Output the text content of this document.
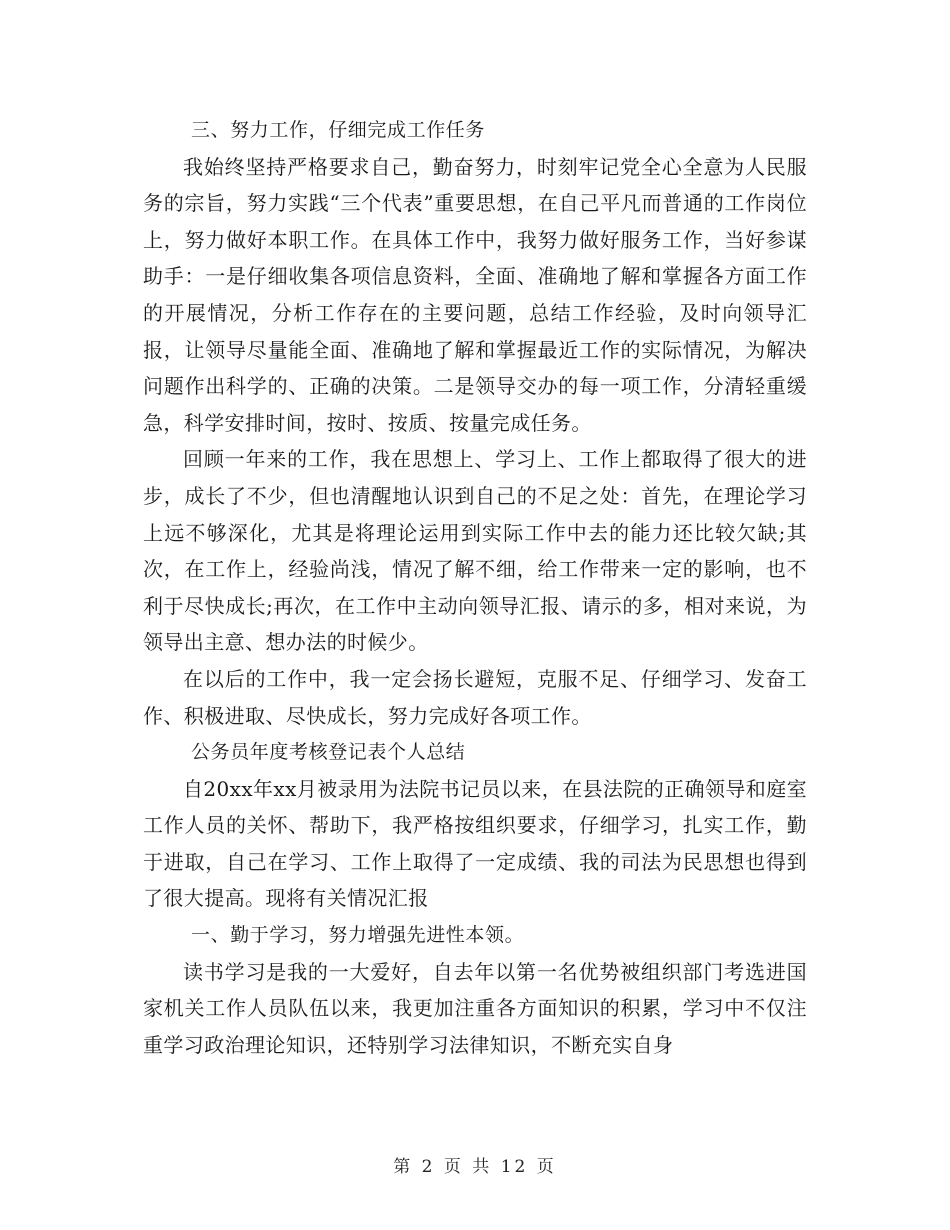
三、努力工作，仔细完成工作任务

我始终坚持严格要求自己，勤奋努力，时刻牢记党全心全意为人民服务的宗旨，努力实践“三个代表”重要思想，在自己平凡而普通的工作岗位上，努力做好本职工作。在具体工作中，我努力做好服务工作，当好参谋助手：一是仔细收集各项信息资料，全面、准确地了解和掌握各方面工作的开展情况，分析工作存在的主要问题，总结工作经验，及时向领导汇报，让领导尽量能全面、准确地了解和掌握最近工作的实际情况，为解决问题作出科学的、正确的决策。二是领导交办的每一项工作，分清轻重缓急，科学安排时间，按时、按质、按量完成任务。

回顾一年来的工作，我在思想上、学习上、工作上都取得了很大的进步，成长了不少，但也清醒地认识到自己的不足之处：首先，在理论学习上远不够深化，尤其是将理论运用到实际工作中去的能力还比较欠缺;其次，在工作上，经验尚浅，情况了解不细，给工作带来一定的影响，也不利于尽快成长;再次，在工作中主动向领导汇报、请示的多，相对来说，为领导出主意、想办法的时候少。

在以后的工作中，我一定会扬长避短，克服不足、仔细学习、发奋工作、积极进取、尽快成长，努力完成好各项工作。

公务员年度考核登记表个人总结

自20xx年xx月被录用为法院书记员以来，在县法院的正确领导和庭室工作人员的关怀、帮助下，我严格按组织要求，仔细学习，扎实工作，勤于进取，自己在学习、工作上取得了一定成绩、我的司法为民思想也得到了很大提高。现将有关情况汇报

一、勤于学习，努力增强先进性本领。

读书学习是我的一大爱好，自去年以第一名优势被组织部门考选进国家机关工作人员队伍以来，我更加注重各方面知识的积累，学习中不仅注重学习政治理论知识，还特别学习法律知识，不断充实自身

第 2 页 共 12 页
